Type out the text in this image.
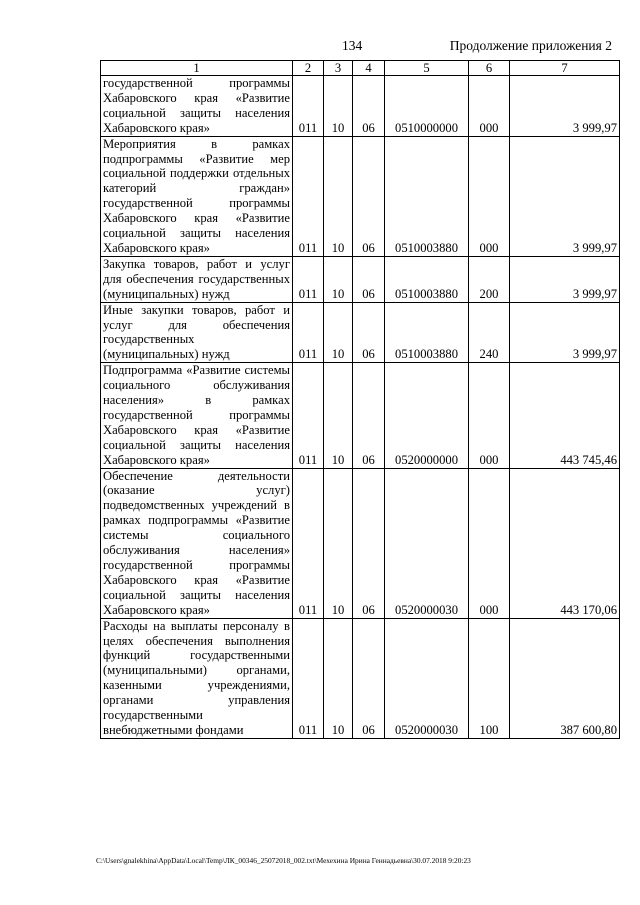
134	Продолжение приложения 2
1	2	3	4	5	6	7
государственной программы Хабаровского края «Развитие социальной защиты населения Хабаровского края»	011	10	06	0510000000	000	3 999,97
Мероприятия в рамках подпрограммы «Развитие мер социальной поддержки отдельных категорий граждан» государственной программы Хабаровского края «Развитие социальной защиты населения Хабаровского края»	011	10	06	0510003880	000	3 999,97
Закупка товаров, работ и услуг для обеспечения государственных (муниципальных) нужд	011	10	06	0510003880	200	3 999,97
Иные закупки товаров, работ и услуг для обеспечения государственных (муниципальных) нужд	011	10	06	0510003880	240	3 999,97
Подпрограмма «Развитие системы социального обслуживания населения» в рамках государственной программы Хабаровского края «Развитие социальной защиты населения Хабаровского края»	011	10	06	0520000000	000	443 745,46
Обеспечение деятельности (оказание услуг) подведомственных учреждений в рамках подпрограммы «Развитие системы социального обслуживания населения» государственной программы Хабаровского края «Развитие социальной защиты населения Хабаровского края»	011	10	06	0520000030	000	443 170,06
Расходы на выплаты персоналу в целях обеспечения выполнения функций государственными (муниципальными) органами, казенными учреждениями, органами управления государственными внебюджетными фондами	011	10	06	0520000030	100	387 600,80
C:\Users\gnalekhina\AppData\Local\Temp\ЛК_00346_25072018_002.txt\Мехехина Ирина Геннадьевна\30.07.2018 9:20:23
